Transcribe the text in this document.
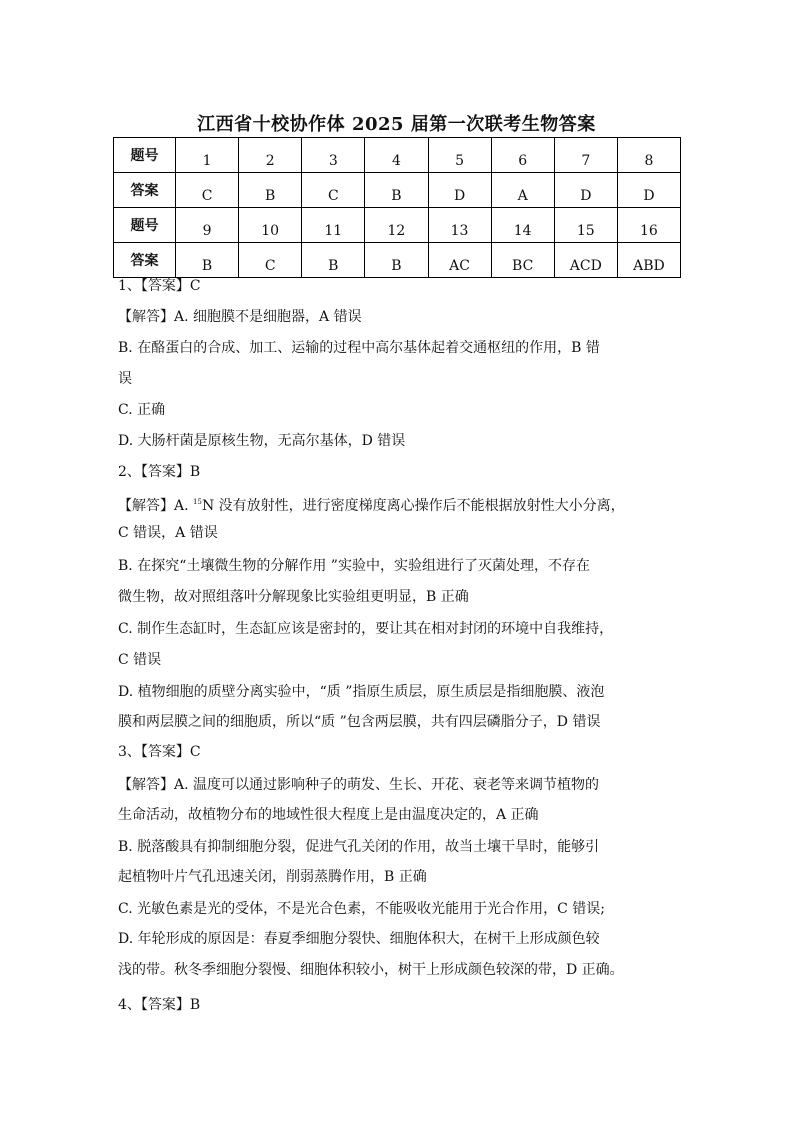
江西省十校协作体 2025 届第一次联考生物答案
题号	1	2	3	4	5	6	7	8
答案	C	B	C	B	D	A	D	D
题号	9	10	11	12	13	14	15	16
答案	B	C	B	B	AC	BC	ACD	ABD
1、【答案】C
【解答】A. 细胞膜不是细胞器，A 错误
B. 在酪蛋白的合成、加工、运输的过程中高尔基体起着交通枢纽的作用，B 错
误
C. 正确
D. 大肠杆菌是原核生物，无高尔基体，D 错误
2、【答案】B
【解答】A. $^{15}$N 没有放射性，进行密度梯度离心操作后不能根据放射性大小分离，
C 错误，A 错误
B. 在探究“土壤微生物的分解作用 ”实验中，实验组进行了灭菌处理，不存在
微生物，故对照组落叶分解现象比实验组更明显，B 正确
C. 制作生态缸时，生态缸应该是密封的，要让其在相对封闭的环境中自我维持，
C 错误
D. 植物细胞的质壁分离实验中，“质 ”指原生质层，原生质层是指细胞膜、液泡
膜和两层膜之间的细胞质，所以“质 ”包含两层膜，共有四层磷脂分子，D 错误
3、【答案】C
【解答】A. 温度可以通过影响种子的萌发、生长、开花、衰老等来调节植物的
生命活动，故植物分布的地域性很大程度上是由温度决定的，A 正确
B. 脱落酸具有抑制细胞分裂，促进气孔关闭的作用，故当土壤干旱时，能够引
起植物叶片气孔迅速关闭，削弱蒸腾作用，B 正确
C. 光敏色素是光的受体，不是光合色素，不能吸收光能用于光合作用，C 错误;
D. 年轮形成的原因是：春夏季细胞分裂快、细胞体积大，在树干上形成颜色较
浅的带。秋冬季细胞分裂慢、细胞体积较小，树干上形成颜色较深的带，D 正确。
4、【答案】B
